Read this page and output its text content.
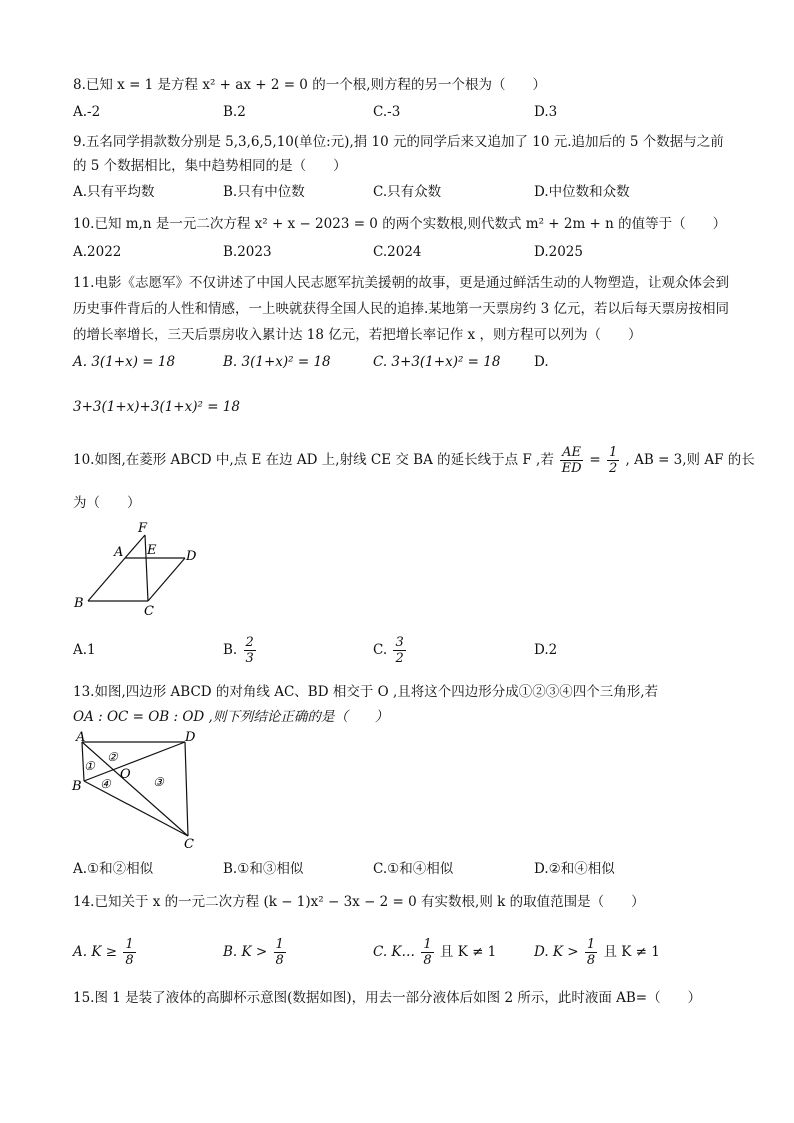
8.已知 x = 1 是方程 x² + ax + 2 = 0 的一个根,则方程的另一个根为（　　）
A.-2	B.2	C.-3	D.3
9.五名同学捐款数分别是 5,3,6,5,10(单位:元),捐 10 元的同学后来又追加了 10 元.追加后的 5 个数据与之前
的 5 个数据相比，集中趋势相同的是（　　）
A.只有平均数	B.只有中位数	C.只有众数	D.中位数和众数
10.已知 m,n 是一元二次方程 x² + x − 2023 = 0 的两个实数根,则代数式 m² + 2m + n 的值等于（　　）
A.2022	B.2023	C.2024	D.2025
11.电影《志愿军》不仅讲述了中国人民志愿军抗美援朝的故事，更是通过鲜活生动的人物塑造，让观众体会到历史事件背后的人性和情感，一上映就获得全国人民的追捧.某地第一天票房约 3 亿元，若以后每天票房按相同的增长率增长，三天后票房收入累计达 18 亿元，若把增长率记作 x ，则方程可以列为（　　）
A. 3(1+x) = 18	B. 3(1+x)² = 18	C. 3+3(1+x)² = 18 D.
3+3(1+x)+3(1+x)² = 18
10.如图,在菱形 ABCD 中,点 E 在边 AD 上,射线 CE 交 BA 的延长线于点 F ,若 $\frac{AE}{ED} = \frac{1}{2}$ , AB = 3,则 AF 的长
为（　　）
F
A E D
B
C
A.1	B. $\frac{2}{3}$	C. $\frac{3}{2}$	D.2
13.如图,四边形 ABCD 的对角线 AC、BD 相交于 O ,且将这个四边形分成①②③④四个三角形,若
OA : OC = OB : OD ,则下列结论正确的是（　　）
A	D
B
C
O
①
②
③
④
A.①和②相似	B.①和③相似	C.①和④相似	D.②和④相似
14.已知关于 x 的一元二次方程 (k − 1)x² − 3x − 2 = 0 有实数根,则 k 的取值范围是（　　）
A. $K \ge \frac{1}{8}$	B. $K > \frac{1}{8}$	C. K… $\frac{1}{8}$ 且 K ≠ 1	D. $K > \frac{1}{8}$ 且 K ≠ 1
15.图 1 是装了液体的高脚杯示意图(数据如图)，用去一部分液体后如图 2 所示，此时液面 AB=（　　）
